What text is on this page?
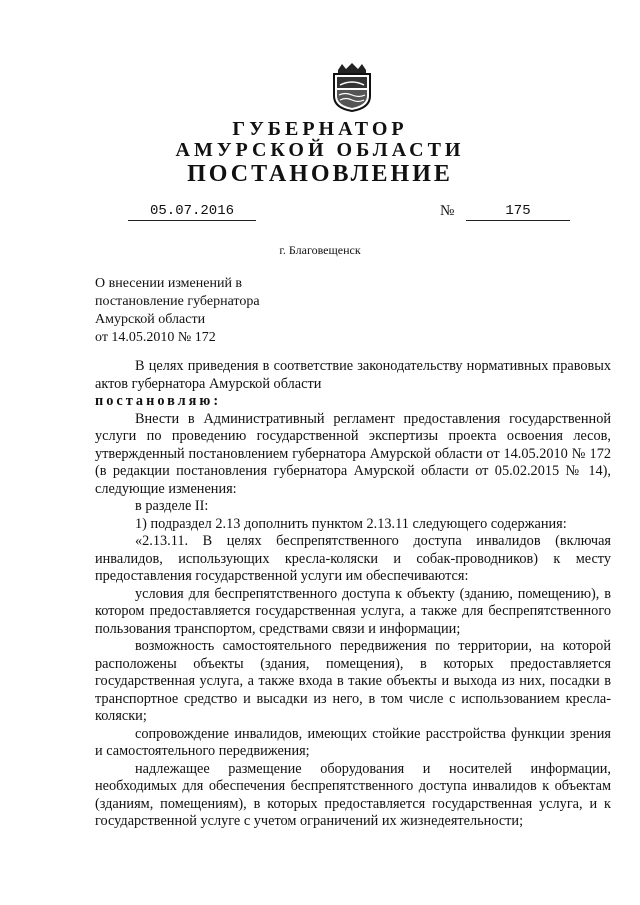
ГУБЕРНАТОР
АМУРСКОЙ ОБЛАСТИ
ПОСТАНОВЛЕНИЕ
05.07.2016	№	175
г. Благовещенск
О внесении изменений в
постановление губернатора
Амурской области
от 14.05.2010 № 172

В целях приведения в соответствие законодательству нормативных правовых актов губернатора Амурской области

постановляю:

Внести в Административный регламент предоставления государственной услуги по проведению государственной экспертизы проекта освоения лесов, утвержденный постановлением губернатора Амурской области от 14.05.2010 № 172 (в редакции постановления губернатора Амурской области от 05.02.2015 № 14), следующие изменения:

в разделе II:

1) подраздел 2.13 дополнить пунктом 2.13.11 следующего содержания:

«2.13.11. В целях беспрепятственного доступа инвалидов (включая инвалидов, использующих кресла-коляски и собак-проводников) к месту предоставления государственной услуги им обеспечиваются:

условия для беспрепятственного доступа к объекту (зданию, помещению), в котором предоставляется государственная услуга, а также для беспрепятственного пользования транспортом, средствами связи и информации;

возможность самостоятельного передвижения по территории, на которой расположены объекты (здания, помещения), в которых предоставляется государственная услуга, а также входа в такие объекты и выхода из них, посадки в транспортное средство и высадки из него, в том числе с использованием кресла-коляски;

сопровождение инвалидов, имеющих стойкие расстройства функции зрения и самостоятельного передвижения;

надлежащее размещение оборудования и носителей информации, необходимых для обеспечения беспрепятственного доступа инвалидов к объектам (зданиям, помещениям), в которых предоставляется государственная услуга, и к государственной услуге с учетом ограничений их жизнедеятельности;
